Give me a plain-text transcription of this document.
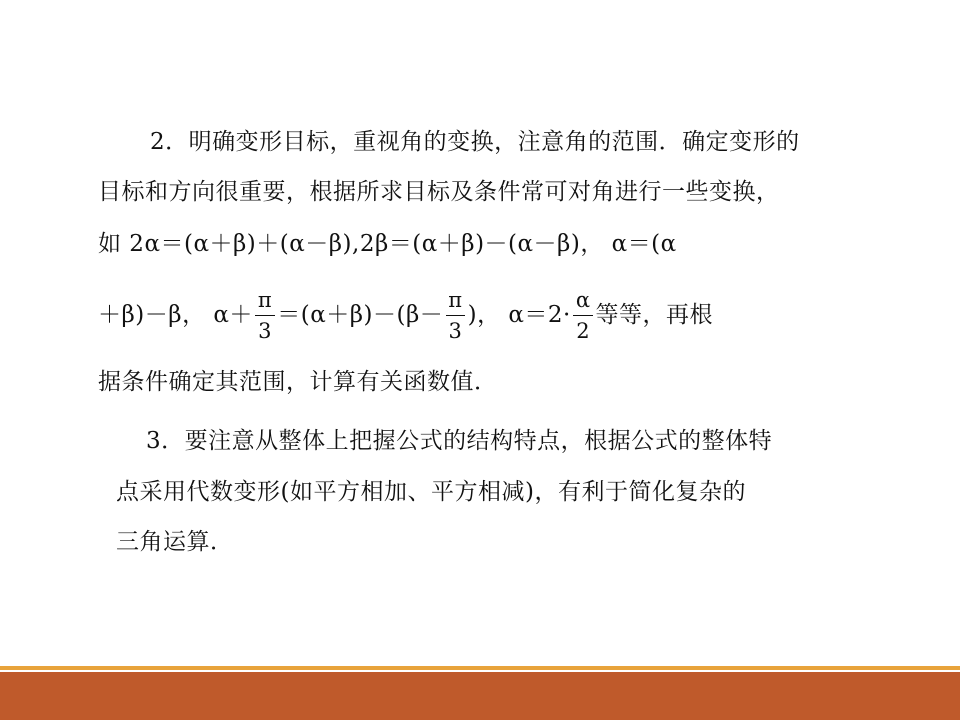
2．明确变形目标，重视角的变换，注意角的范围．确定变形的
目标和方向很重要，根据所求目标及条件常可对角进行一些变换，
如 2α＝(α＋β)＋(α－β),2β＝(α＋β)－(α－β)， α＝(α
＋β)－β， $\alpha+ \frac{\pi}{3} =(\alpha+\beta)-(\beta- \frac{\pi}{3}$ )， $\alpha=2\cdot \frac{\alpha}{2}$ 等等，再根
据条件确定其范围，计算有关函数值．
3．要注意从整体上把握公式的结构特点，根据公式的整体特
点采用代数变形(如平方相加、平方相减)，有利于简化复杂的
三角运算．
